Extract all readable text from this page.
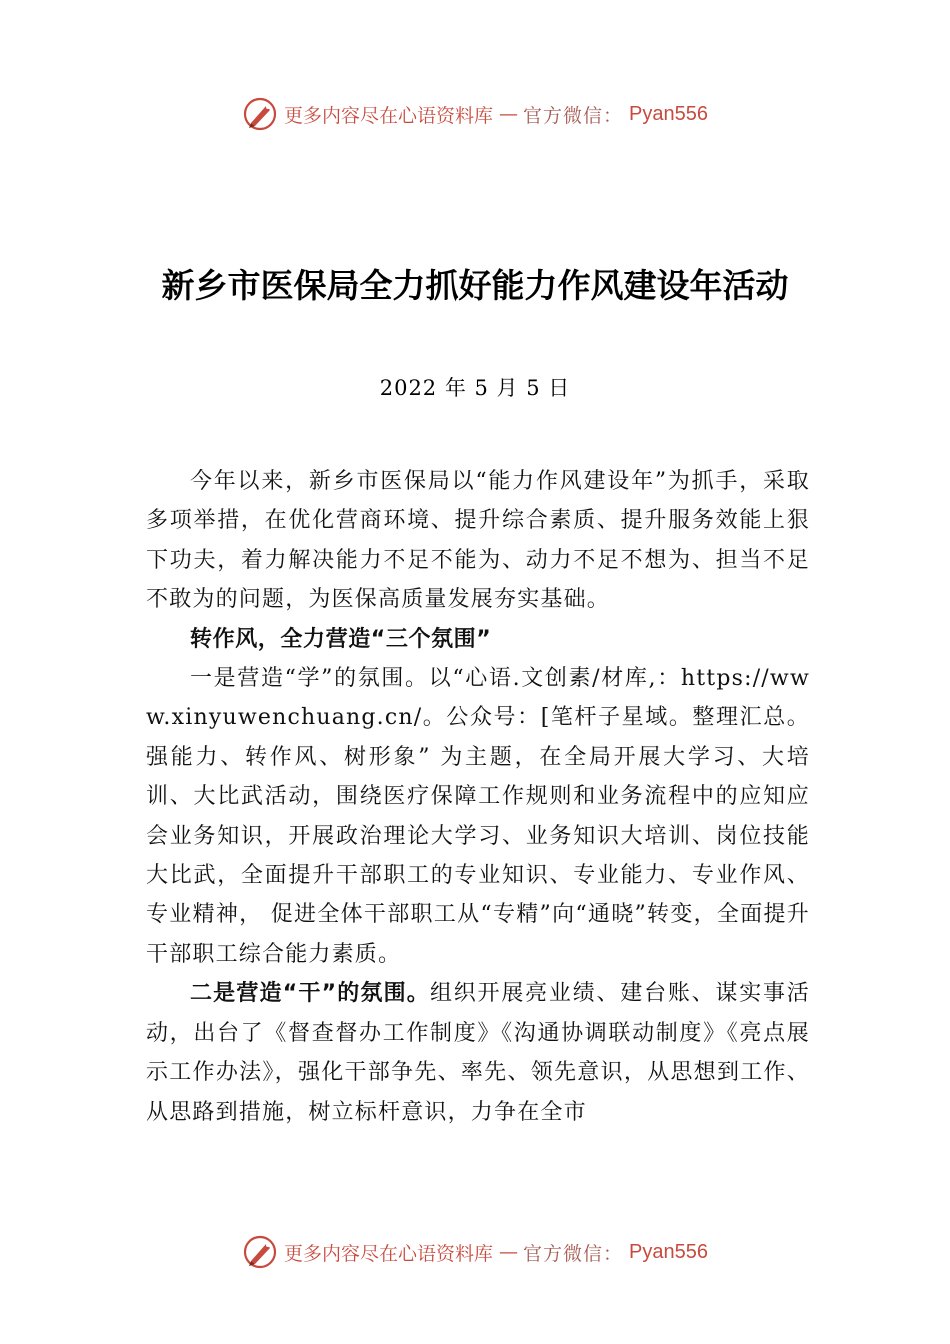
更多内容尽在心语资料库 — 官方微信： Pyan556
新乡市医保局全力抓好能力作风建设年活动
2022 年 5 月 5 日

今年以来，新乡市医保局以“能力作风建设年”为抓手，采取多项举措，在优化营商环境、提升综合素质、提升服务效能上狠下功夫，着力解决能力不足不能为、动力不足不想为、担当不足不敢为的问题，为医保高质量发展夯实基础。

转作风，全力营造“三个氛围”

一是营造“学”的氛围。以“心语.文创素/材库,：https://www.xinyuwenchuang.cn/。公众号：[笔杆子星域。整理汇总。强能力、转作风、树形象” 为主题，在全局开展大学习、大培训、大比武活动，围绕医疗保障工作规则和业务流程中的应知应会业务知识，开展政治理论大学习、业务知识大培训、岗位技能大比武，全面提升干部职工的专业知识、专业能力、专业作风、专业精神， 促进全体干部职工从“专精”向“通晓”转变，全面提升干部职工综合能力素质。

二是营造“干”的氛围。组织开展亮业绩、建台账、谋实事活动，出台了《督查督办工作制度》《沟通协调联动制度》《亮点展示工作办法》，强化干部争先、率先、领先意识，从思想到工作、从思路到措施，树立标杆意识，力争在全市

更多内容尽在心语资料库 — 官方微信： Pyan556
